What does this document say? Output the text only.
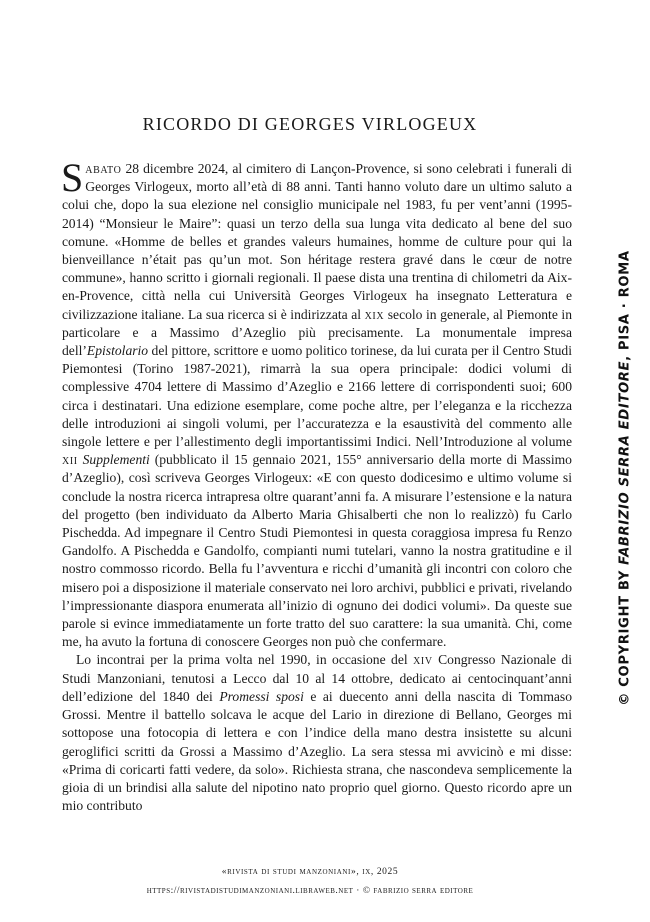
RICORDO DI GEORGES VIRLOGEUX

Sabato 28 dicembre 2024, al cimitero di Lançon-Provence, si sono celebrati i funerali di Georges Virlogeux, morto all’età di 88 anni. Tanti hanno voluto dare un ultimo saluto a colui che, dopo la sua elezione nel consiglio municipale nel 1983, fu per vent’anni (1995-2014) “Monsieur le Maire”: quasi un terzo della sua lunga vita dedicato al bene del suo comune. «Homme de belles et grandes valeurs humaines, homme de culture pour qui la bienveillance n’était pas qu’un mot. Son héritage restera gravé dans le cœur de notre commune», hanno scritto i giornali regionali. Il paese dista una trentina di chilometri da Aix-en-Provence, città nella cui Università Georges Virlogeux ha insegnato Letteratura e civilizzazione italiane. La sua ricerca si è indirizzata al xix secolo in generale, al Piemonte in particolare e a Massimo d’Azeglio più precisamente. La monumentale impresa dell’Epistolario del pittore, scrittore e uomo politico torinese, da lui curata per il Centro Studi Piemontesi (Torino 1987-2021), rimarrà la sua opera principale: dodici volumi di complessive 4704 lettere di Massimo d’Azeglio e 2166 lettere di corrispondenti suoi; 600 circa i destinatari. Una edizione esemplare, come poche altre, per l’eleganza e la ricchezza delle introduzioni ai singoli volumi, per l’accuratezza e la esaustività del commento alle singole lettere e per l’allestimento degli importantissimi Indici. Nell’Introduzione al volume xii Supplementi (pubblicato il 15 gennaio 2021, 155° anniversario della morte di Massimo d’Azeglio), così scriveva Georges Virlogeux: «E con questo dodicesimo e ultimo volume si conclude la nostra ricerca intrapresa oltre quarant’anni fa. A misurare l’estensione e la natura del progetto (ben individuato da Alberto Maria Ghisalberti che non lo realizzò) fu Carlo Pischedda. Ad impegnare il Centro Studi Piemontesi in questa coraggiosa impresa fu Renzo Gandolfo. A Pischedda e Gandolfo, compianti numi tutelari, vanno la nostra gratitudine e il nostro commosso ricordo. Bella fu l’avventura e ricchi d’umanità gli incontri con coloro che misero poi a disposizione il materiale conservato nei loro archivi, pubblici e privati, rivelando l’impressionante diaspora enumerata all’inizio di ognuno dei dodici volumi». Da queste sue parole si evince immediatamente un forte tratto del suo carattere: la sua umanità. Chi, come me, ha avuto la fortuna di conoscere Georges non può che confermare.

Lo incontrai per la prima volta nel 1990, in occasione del xiv Congresso Nazionale di Studi Manzoniani, tenutosi a Lecco dal 10 al 14 ottobre, dedicato ai centocinquant’anni dell’edizione del 1840 dei Promessi sposi e ai duecento anni della nascita di Tommaso Grossi. Mentre il battello solcava le acque del Lario in direzione di Bellano, Georges mi sottopose una fotocopia di lettera e con l’indice della mano destra insistette su alcuni geroglifici scritti da Grossi a Massimo d’Azeglio. La sera stessa mi avvicinò e mi disse: «Prima di coricarti fatti vedere, da solo». Richiesta strana, che nascondeva semplicemente la gioia di un brindisi alla salute del nipotino nato proprio quel giorno. Questo ricordo apre un mio contributo

«rivista di studi manzoniani», ix, 2025
https://rivistadistudimanzoniani.libraweb.net · © fabrizio serra editore
© COPYRIGHT BY FABRIZIO SERRA EDITORE, PISA · ROMA
